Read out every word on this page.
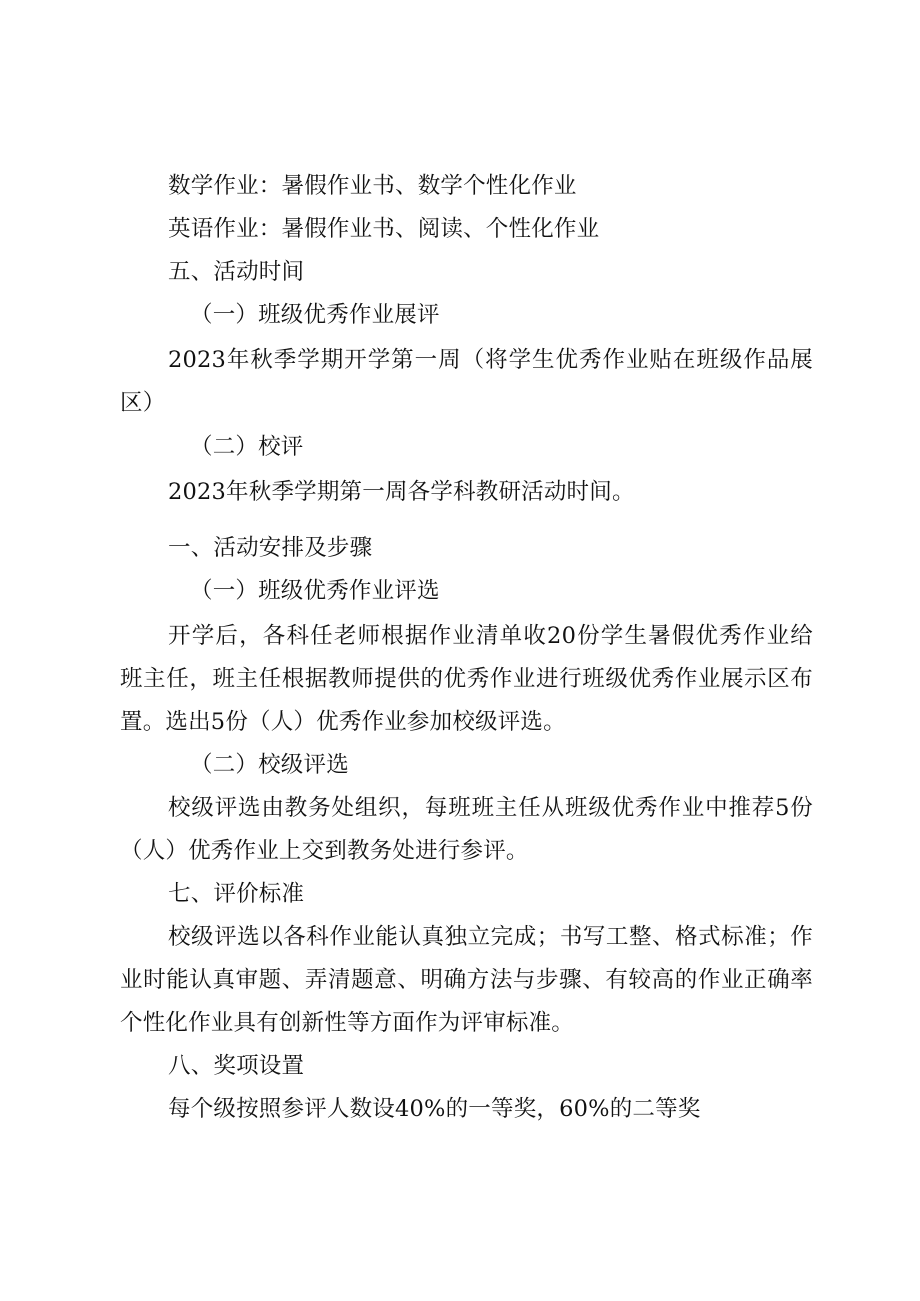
数学作业：暑假作业书、数学个性化作业
英语作业：暑假作业书、阅读、个性化作业
五、活动时间
（一）班级优秀作业展评
2023年秋季学期开学第一周（将学生优秀作业贴在班级作品展
区）
（二）校评
2023年秋季学期第一周各学科教研活动时间。
一、活动安排及步骤
（一）班级优秀作业评选
开学后，各科任老师根据作业清单收20份学生暑假优秀作业给
班主任，班主任根据教师提供的优秀作业进行班级优秀作业展示区布
置。选出5份（人）优秀作业参加校级评选。
（二）校级评选
校级评选由教务处组织，每班班主任从班级优秀作业中推荐5份
（人）优秀作业上交到教务处进行参评。
七、评价标准
校级评选以各科作业能认真独立完成；书写工整、格式标准；作
业时能认真审题、弄清题意、明确方法与步骤、有较高的作业正确率
个性化作业具有创新性等方面作为评审标准。
八、奖项设置
每个级按照参评人数设40%的一等奖，60%的二等奖
